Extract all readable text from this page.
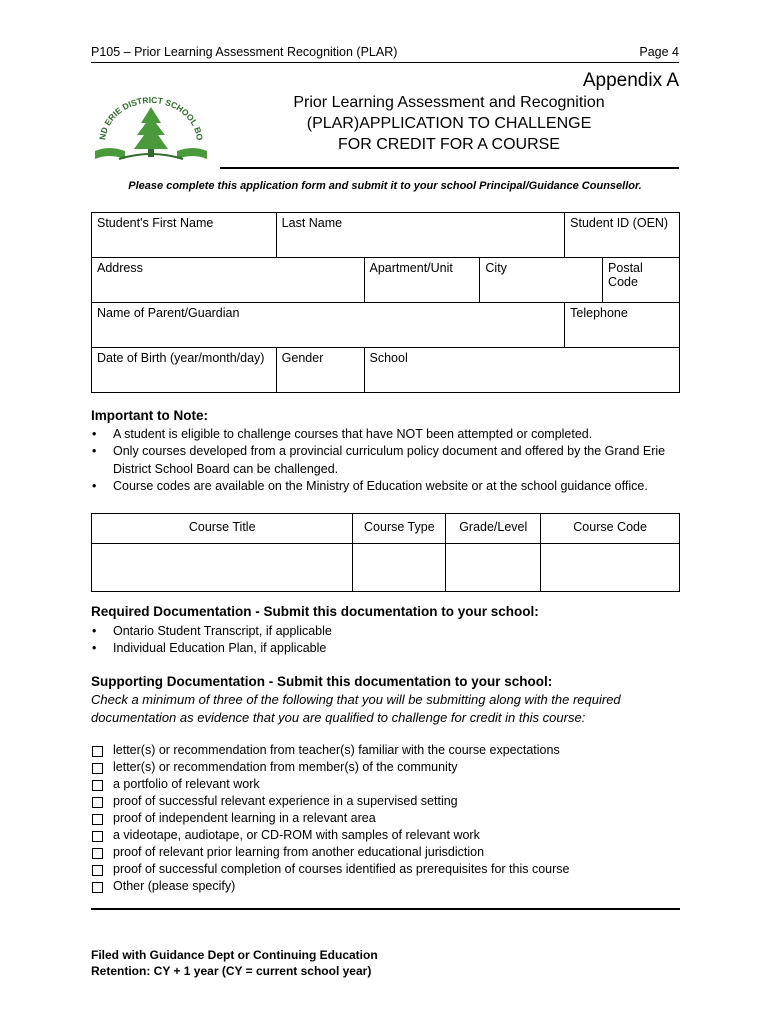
P105 – Prior Learning Assessment Recognition (PLAR)	Page 4
ND ERIE DISTRICT SCHOOL BO
Appendix A
Prior Learning Assessment and Recognition
(PLAR)APPLICATION TO CHALLENGE
FOR CREDIT FOR A COURSE
Please complete this application form and submit it to your school Principal/Guidance Counsellor.
Student's First Name	Last Name			Student ID (OEN)	
Address		Apartment/Unit	City		Postal Code
Name of Parent/Guardian				Telephone	
Date of Birth (year/month/day)	Gender	School			
Important to Note:
• A student is eligible to challenge courses that have NOT been attempted or completed.
• Only courses developed from a provincial curriculum policy document and offered by the Grand Erie District School Board can be challenged.
• Course codes are available on the Ministry of Education website or at the school guidance office.
Course Title	Course Type	Grade/Level	Course Code

Required Documentation - Submit this documentation to your school:
• Ontario Student Transcript, if applicable
• Individual Education Plan, if applicable
Supporting Documentation - Submit this documentation to your school:
Check a minimum of three of the following that you will be submitting along with the required documentation as evidence that you are qualified to challenge for credit in this course:
letter(s) or recommendation from teacher(s) familiar with the course expectations
letter(s) or recommendation from member(s) of the community
a portfolio of relevant work
proof of successful relevant experience in a supervised setting
proof of independent learning in a relevant area
a videotape, audiotape, or CD-ROM with samples of relevant work
proof of relevant prior learning from another educational jurisdiction
proof of successful completion of courses identified as prerequisites for this course
Other (please specify)
Filed with Guidance Dept or Continuing Education
Retention: CY + 1 year (CY = current school year)
